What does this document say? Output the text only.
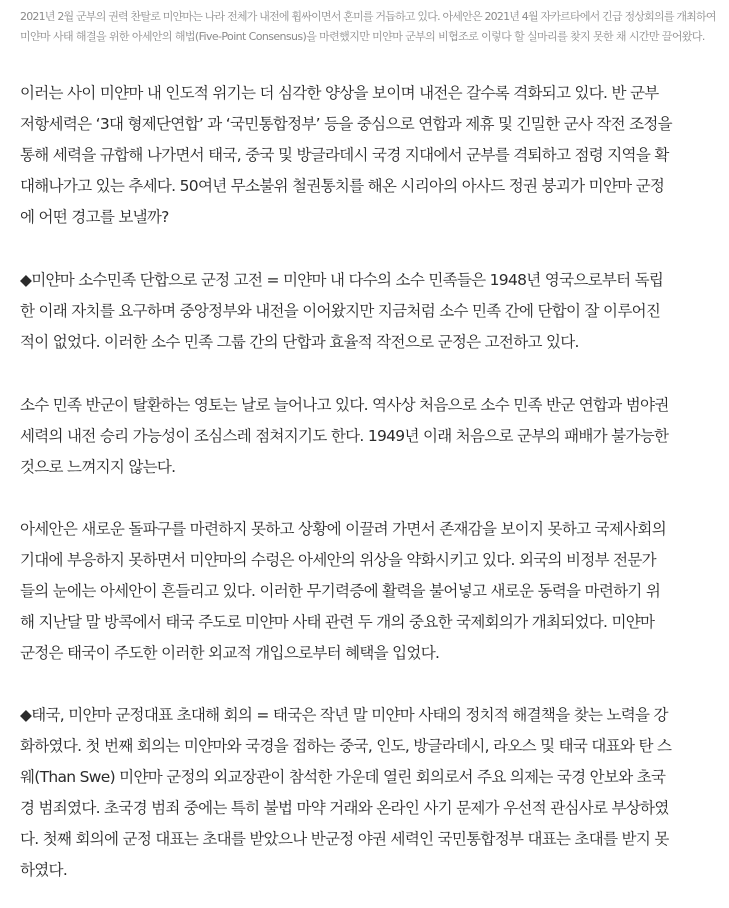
2021년 2월 군부의 권력 찬탈로 미얀마는 나라 전체가 내전에 휩싸이면서 혼미를 거듭하고 있다. 아세안은 2021년 4월 자카르타에서 긴급 정상회의를 개최하여
미얀마 사태 해결을 위한 아세안의 해법(Five-Point Consensus)을 마련했지만 미얀마 군부의 비협조로 이렇다 할 실마리를 찾지 못한 채 시간만 끌어왔다.

이러는 사이 미얀마 내 인도적 위기는 더 심각한 양상을 보이며 내전은 갈수록 격화되고 있다. 반 군부
저항세력은 ‘3대 형제단연합’ 과 ‘국민통합정부’ 등을 중심으로 연합과 제휴 및 긴밀한 군사 작전 조정을
통해 세력을 규합해 나가면서 태국, 중국 및 방글라데시 국경 지대에서 군부를 격퇴하고 점령 지역을 확
대해나가고 있는 추세다. 50여년 무소불위 철권통치를 해온 시리아의 아사드 정권 붕괴가 미얀마 군정
에 어떤 경고를 보낼까?

◆미얀마 소수민족 단합으로 군정 고전 = 미얀마 내 다수의 소수 민족들은 1948년 영국으로부터 독립
한 이래 자치를 요구하며 중앙정부와 내전을 이어왔지만 지금처럼 소수 민족 간에 단합이 잘 이루어진
적이 없었다. 이러한 소수 민족 그룹 간의 단합과 효율적 작전으로 군정은 고전하고 있다.

소수 민족 반군이 탈환하는 영토는 날로 늘어나고 있다. 역사상 처음으로 소수 민족 반군 연합과 범야권
세력의 내전 승리 가능성이 조심스레 점쳐지기도 한다. 1949년 이래 처음으로 군부의 패배가 불가능한
것으로 느껴지지 않는다.

아세안은 새로운 돌파구를 마련하지 못하고 상황에 이끌려 가면서 존재감을 보이지 못하고 국제사회의
기대에 부응하지 못하면서 미얀마의 수렁은 아세안의 위상을 약화시키고 있다. 외국의 비정부 전문가
들의 눈에는 아세안이 흔들리고 있다. 이러한 무기력증에 활력을 불어넣고 새로운 동력을 마련하기 위
해 지난달 말 방콕에서 태국 주도로 미얀마 사태 관련 두 개의 중요한 국제회의가 개최되었다. 미얀마
군정은 태국이 주도한 이러한 외교적 개입으로부터 혜택을 입었다.

◆태국, 미얀마 군정대표 초대해 회의 = 태국은 작년 말 미얀마 사태의 정치적 해결책을 찾는 노력을 강
화하였다. 첫 번째 회의는 미얀마와 국경을 접하는 중국, 인도, 방글라데시, 라오스 및 태국 대표와 탄 스
웨(Than Swe) 미얀마 군정의 외교장관이 참석한 가운데 열린 회의로서 주요 의제는 국경 안보와 초국
경 범죄였다. 초국경 범죄 중에는 특히 불법 마약 거래와 온라인 사기 문제가 우선적 관심사로 부상하였
다. 첫째 회의에 군정 대표는 초대를 받았으나 반군정 야권 세력인 국민통합정부 대표는 초대를 받지 못
하였다.
